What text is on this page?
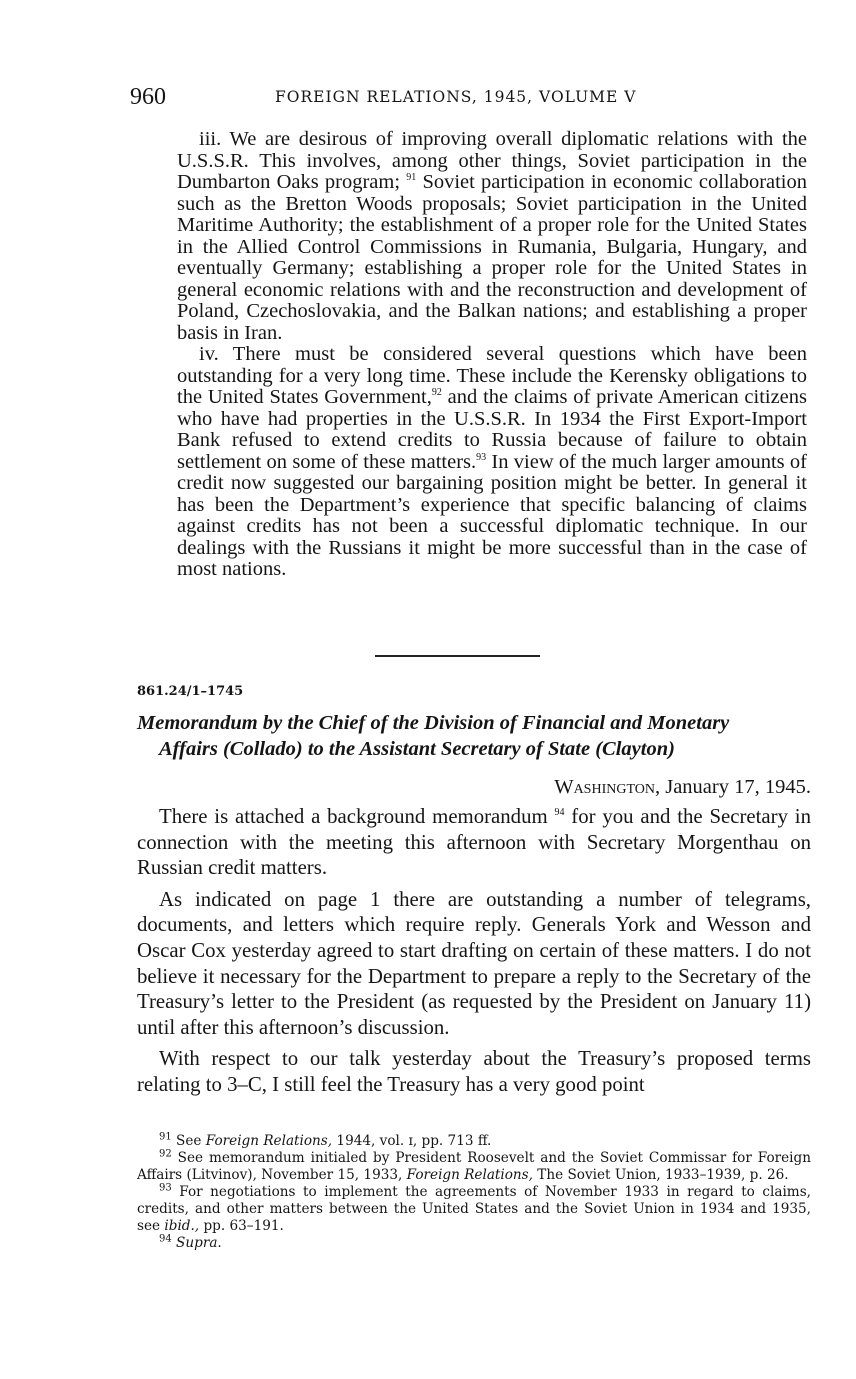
960	FOREIGN RELATIONS, 1945, VOLUME V

iii. We are desirous of improving overall diplomatic relations with the U.S.S.R. This involves, among other things, Soviet participation in the Dumbarton Oaks program; $^{91}$ Soviet participation in economic collaboration such as the Bretton Woods proposals; Soviet participation in the United Maritime Authority; the establishment of a proper role for the United States in the Allied Control Commissions in Rumania, Bulgaria, Hungary, and eventually Germany; establishing a proper role for the United States in general economic relations with and the reconstruction and development of Poland, Czechoslovakia, and the Balkan nations; and establishing a proper basis in Iran.

iv. There must be considered several questions which have been outstanding for a very long time. These include the Kerensky obligations to the United States Government,$^{92}$ and the claims of private American citizens who have had properties in the U.S.S.R. In 1934 the First Export-Import Bank refused to extend credits to Russia because of failure to obtain settlement on some of these matters.$^{93}$ In view of the much larger amounts of credit now suggested our bargaining position might be better. In general it has been the Department’s experience that specific balancing of claims against credits has not been a successful diplomatic technique. In our dealings with the Russians it might be more successful than in the case of most nations.

861.24/1–1745
Memorandum by the Chief of the Division of Financial and Monetary
Affairs (Collado) to the Assistant Secretary of State (Clayton)
Washington, January 17, 1945.

There is attached a background memorandum $^{94}$ for you and the Secretary in connection with the meeting this afternoon with Secretary Morgenthau on Russian credit matters.

As indicated on page 1 there are outstanding a number of telegrams, documents, and letters which require reply. Generals York and Wesson and Oscar Cox yesterday agreed to start drafting on certain of these matters. I do not believe it necessary for the Department to prepare a reply to the Secretary of the Treasury’s letter to the President (as requested by the President on January 11) until after this afternoon’s discussion.

With respect to our talk yesterday about the Treasury’s proposed terms relating to 3–C, I still feel the Treasury has a very good point

$^{91}$ See Foreign Relations, 1944, vol. ɪ, pp. 713 ff.

$^{92}$ See memorandum initialed by President Roosevelt and the Soviet Commissar for Foreign Affairs (Litvinov), November 15, 1933, Foreign Relations, The Soviet Union, 1933–1939, p. 26.

$^{93}$ For negotiations to implement the agreements of November 1933 in regard to claims, credits, and other matters between the United States and the Soviet Union in 1934 and 1935, see ibid., pp. 63–191.

$^{94}$ Supra.
